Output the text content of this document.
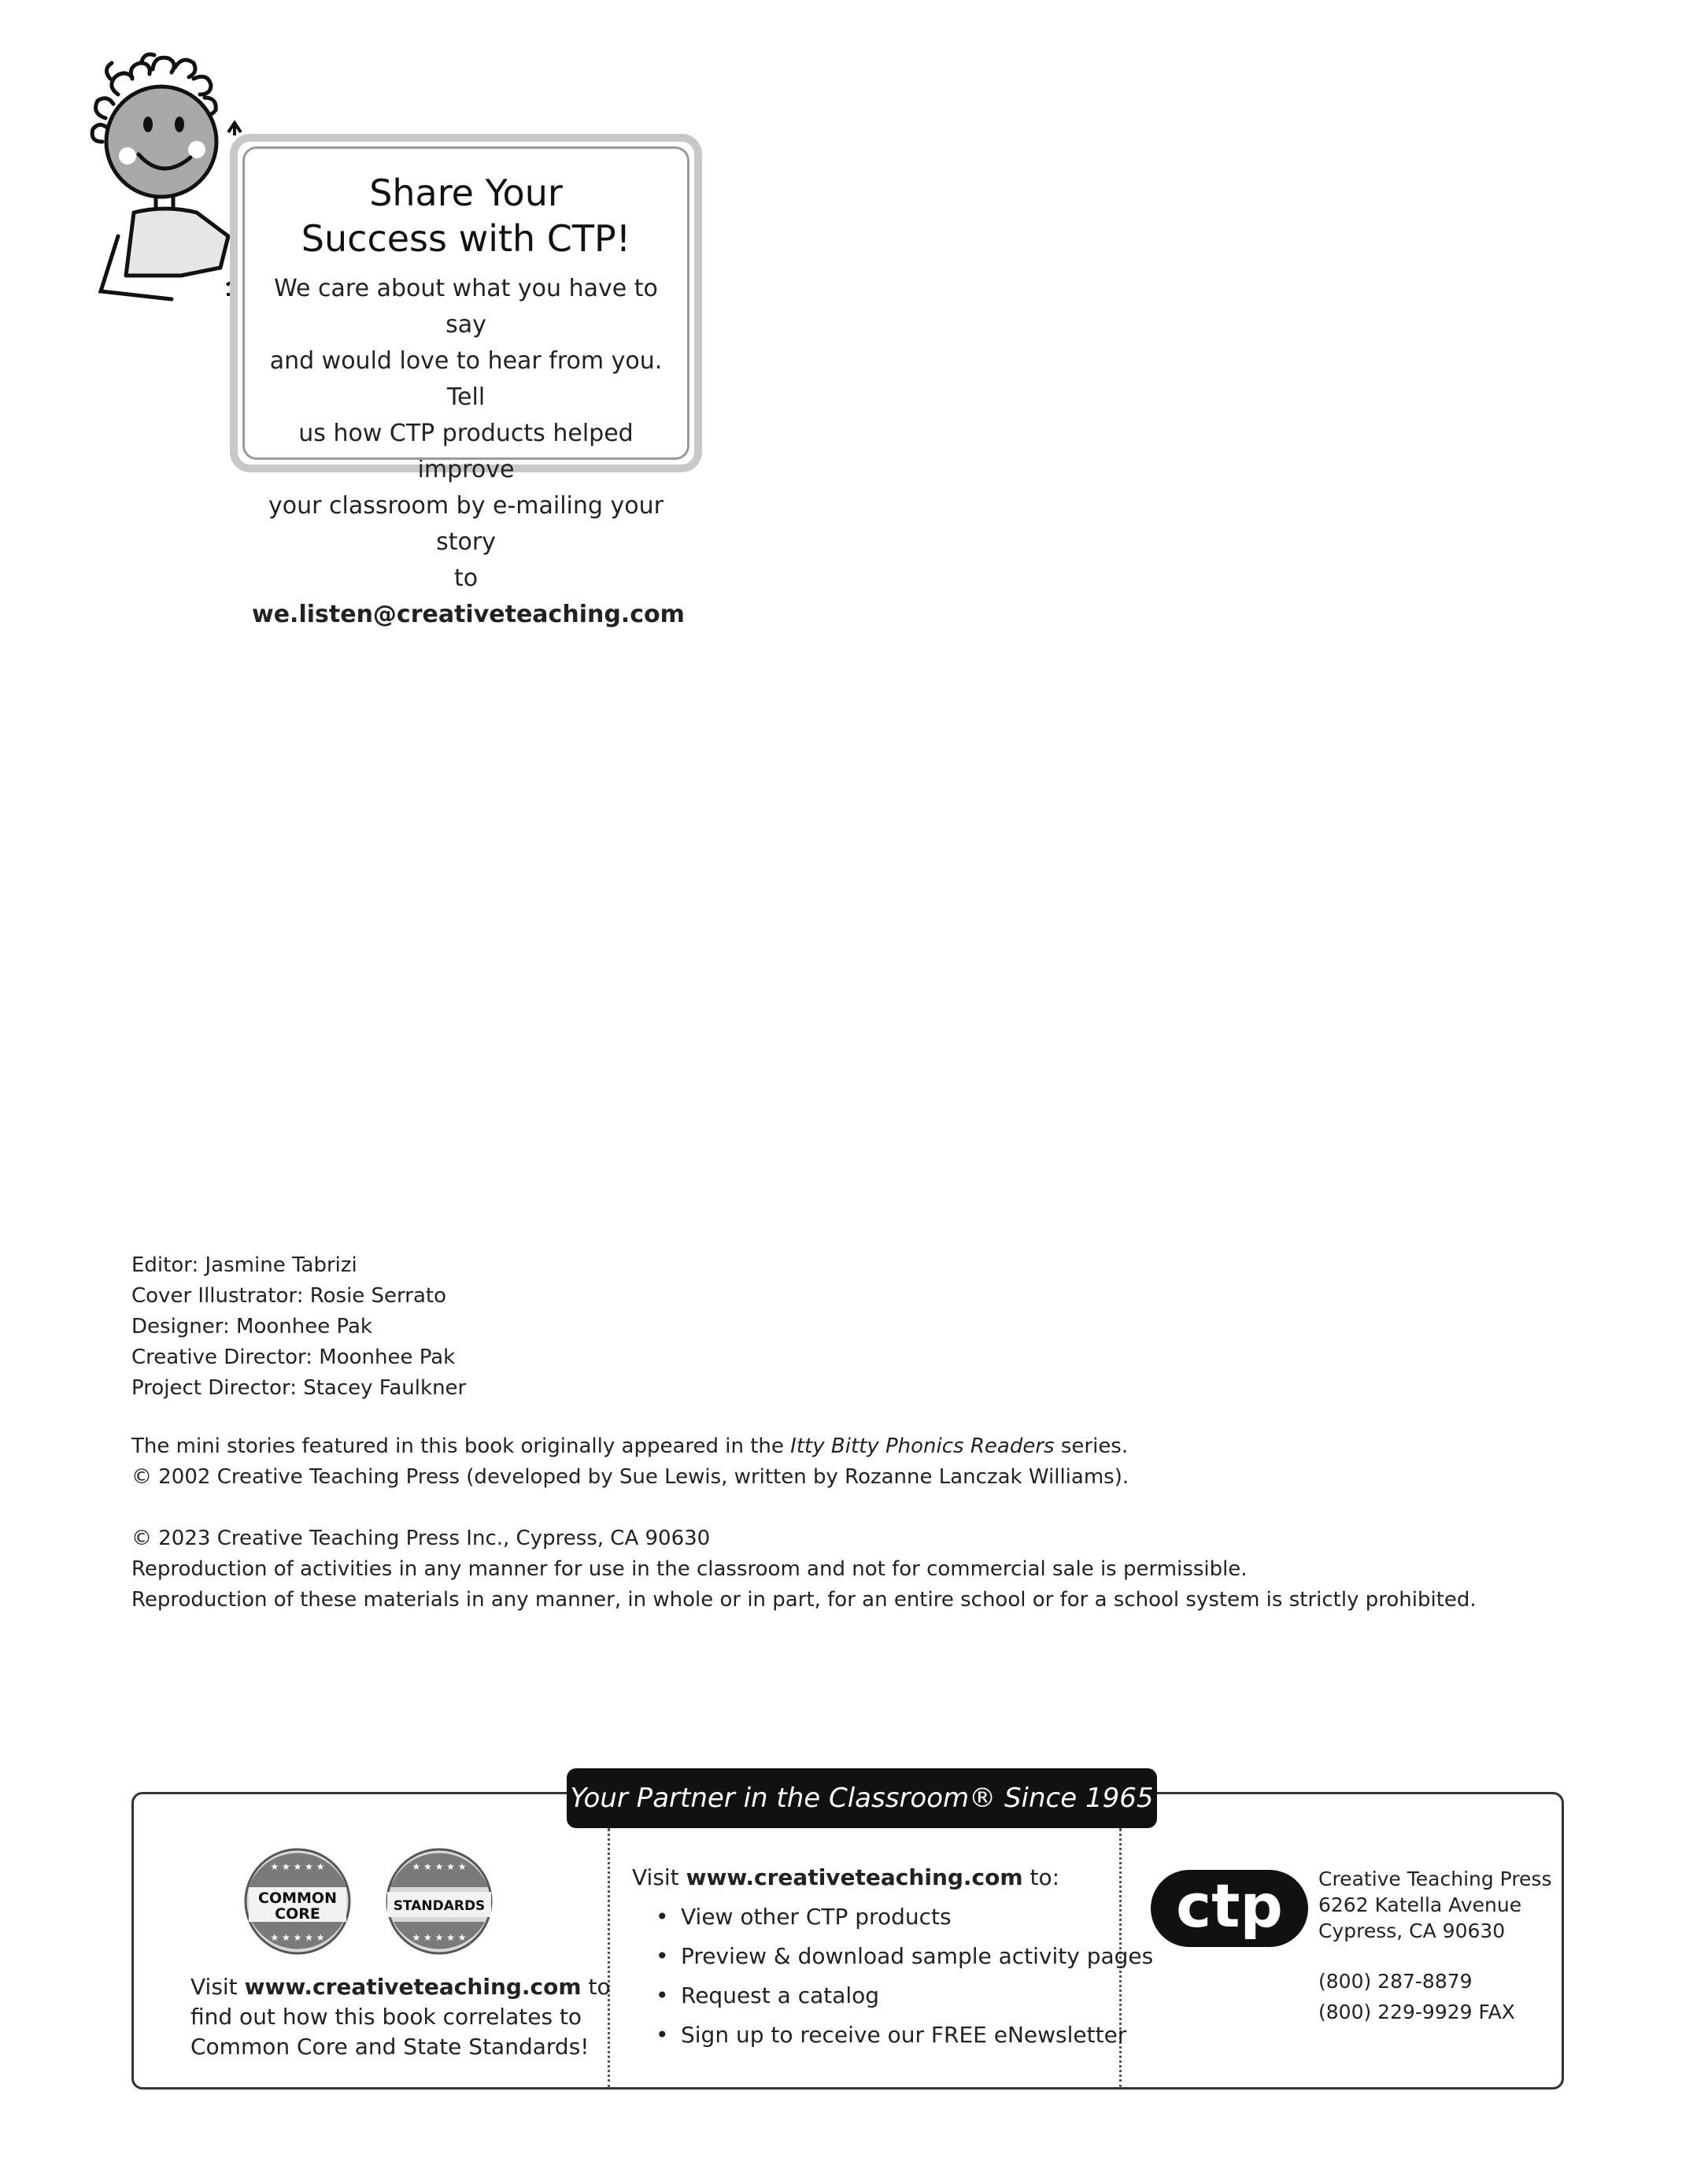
Share Your
Success with CTP!
We care about what you have to say
and would love to hear from you. Tell
us how CTP products helped improve
your classroom by e-mailing your story
to we.listen@creativeteaching.com

Editor: Jasmine Tabrizi

Cover Illustrator: Rosie Serrato

Designer: Moonhee Pak

Creative Director: Moonhee Pak

Project Director: Stacey Faulkner

The mini stories featured in this book originally appeared in the Itty Bitty Phonics Readers series.

© 2002 Creative Teaching Press (developed by Sue Lewis, written by Rozanne Lanczak Williams).

© 2023 Creative Teaching Press Inc., Cypress, CA 90630

Reproduction of activities in any manner for use in the classroom and not for commercial sale is permissible.

Reproduction of these materials in any manner, in whole or in part, for an entire school or for a school system is strictly prohibited.

Your Partner in the Classroom® Since 1965
COMMON
CORE
★ ★ ★ ★ ★
★ ★ ★ ★ ★
STANDARDS
★ ★ ★ ★ ★
★ ★ ★ ★ ★

Visit www.creativeteaching.com to

find out how this book correlates to

Common Core and State Standards!

Visit www.creativeteaching.com to:
• View other CTP products
• Preview & download sample activity pages
• Request a catalog
• Sign up to receive our FREE eNewsletter
ctp Creative Teaching Press

6262 Katella Avenue

Cypress, CA 90630

(800) 287-8879

(800) 229-9929 FAX
